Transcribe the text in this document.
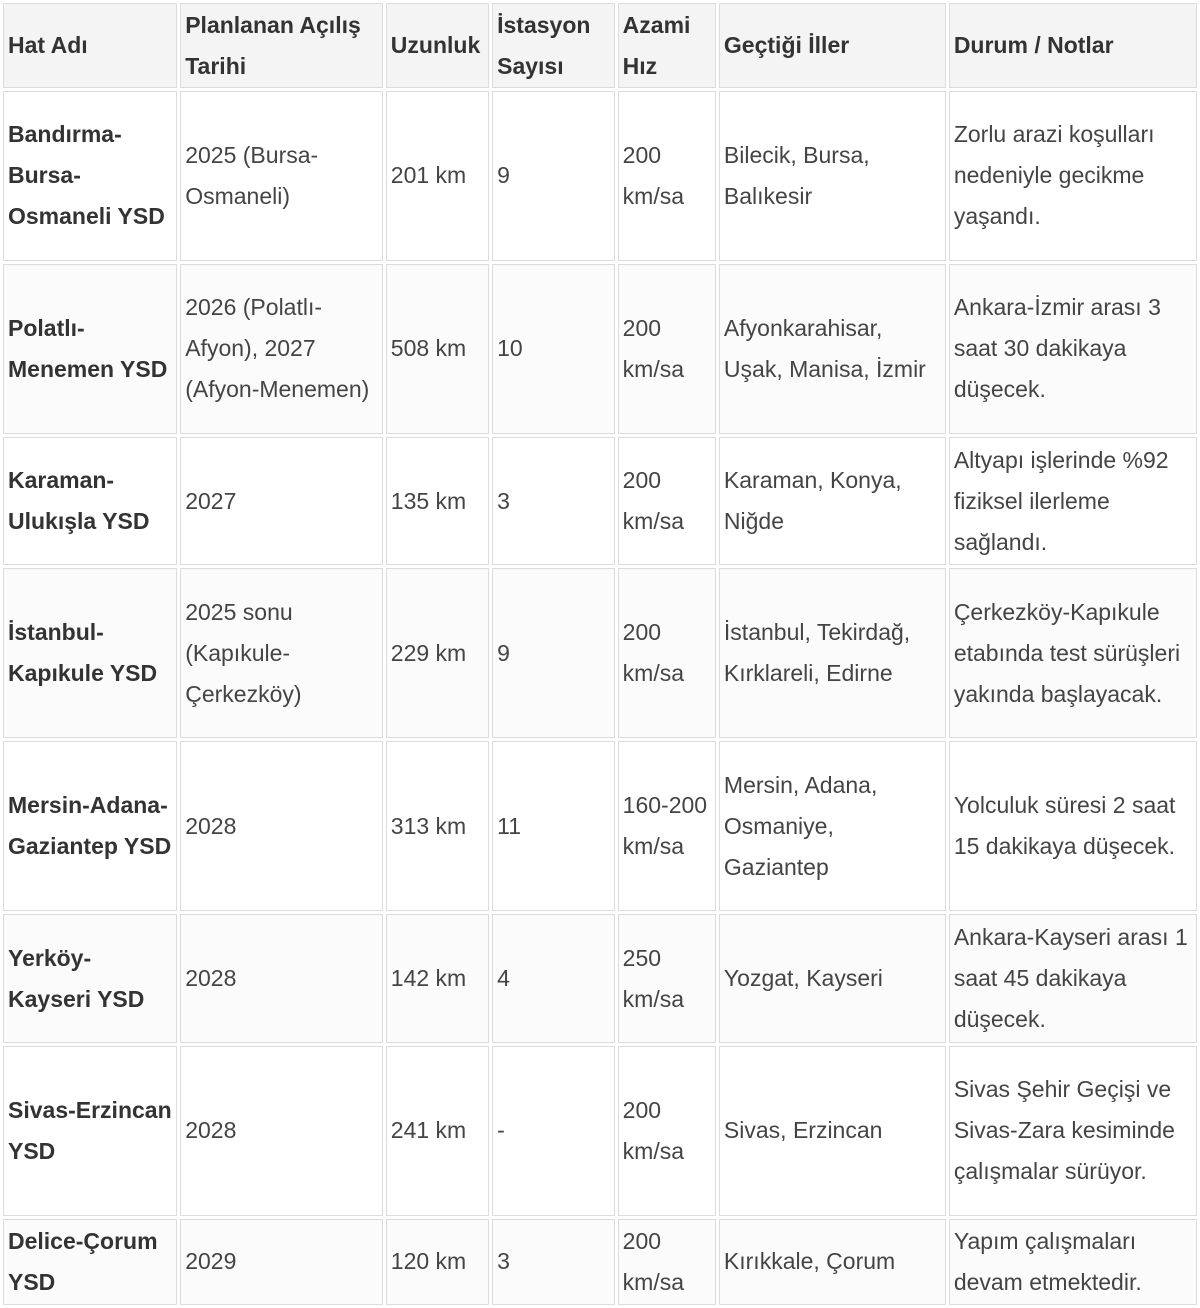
Hat Adı	Planlanan Açılış Tarihi	Uzunluk	İstasyon Sayısı	Azami Hız	Geçtiği İller	Durum / Notlar
Bandırma-Bursa-Osmaneli YSD	2025 (Bursa-Osmaneli)	201 km	9	200 km/sa	Bilecik, Bursa, Balıkesir	Zorlu arazi koşulları nedeniyle gecikme yaşandı.
Polatlı-Menemen YSD	2026 (Polatlı-Afyon), 2027 (Afyon-Menemen)	508 km	10	200 km/sa	Afyonkarahisar, Uşak, Manisa, İzmir	Ankara-İzmir arası 3 saat 30 dakikaya düşecek.
Karaman-Ulukışla YSD	2027	135 km	3	200 km/sa	Karaman, Konya, Niğde	Altyapı işlerinde %92 fiziksel ilerleme sağlandı.
İstanbul-Kapıkule YSD	2025 sonu (Kapıkule-Çerkezköy)	229 km	9	200 km/sa	İstanbul, Tekirdağ, Kırklareli, Edirne	Çerkezköy-Kapıkule etabında test sürüşleri yakında başlayacak.
Mersin-Adana-Gaziantep YSD	2028	313 km	11	160-200 km/sa	Mersin, Adana, Osmaniye, Gaziantep	Yolculuk süresi 2 saat 15 dakikaya düşecek.
Yerköy-Kayseri YSD	2028	142 km	4	250 km/sa	Yozgat, Kayseri	Ankara-Kayseri arası 1 saat 45 dakikaya düşecek.
Sivas-Erzincan YSD	2028	241 km	-	200 km/sa	Sivas, Erzincan	Sivas Şehir Geçişi ve Sivas-Zara kesiminde çalışmalar sürüyor.
Delice-Çorum YSD	2029	120 km	3	200 km/sa	Kırıkkale, Çorum	Yapım çalışmaları devam etmektedir.
